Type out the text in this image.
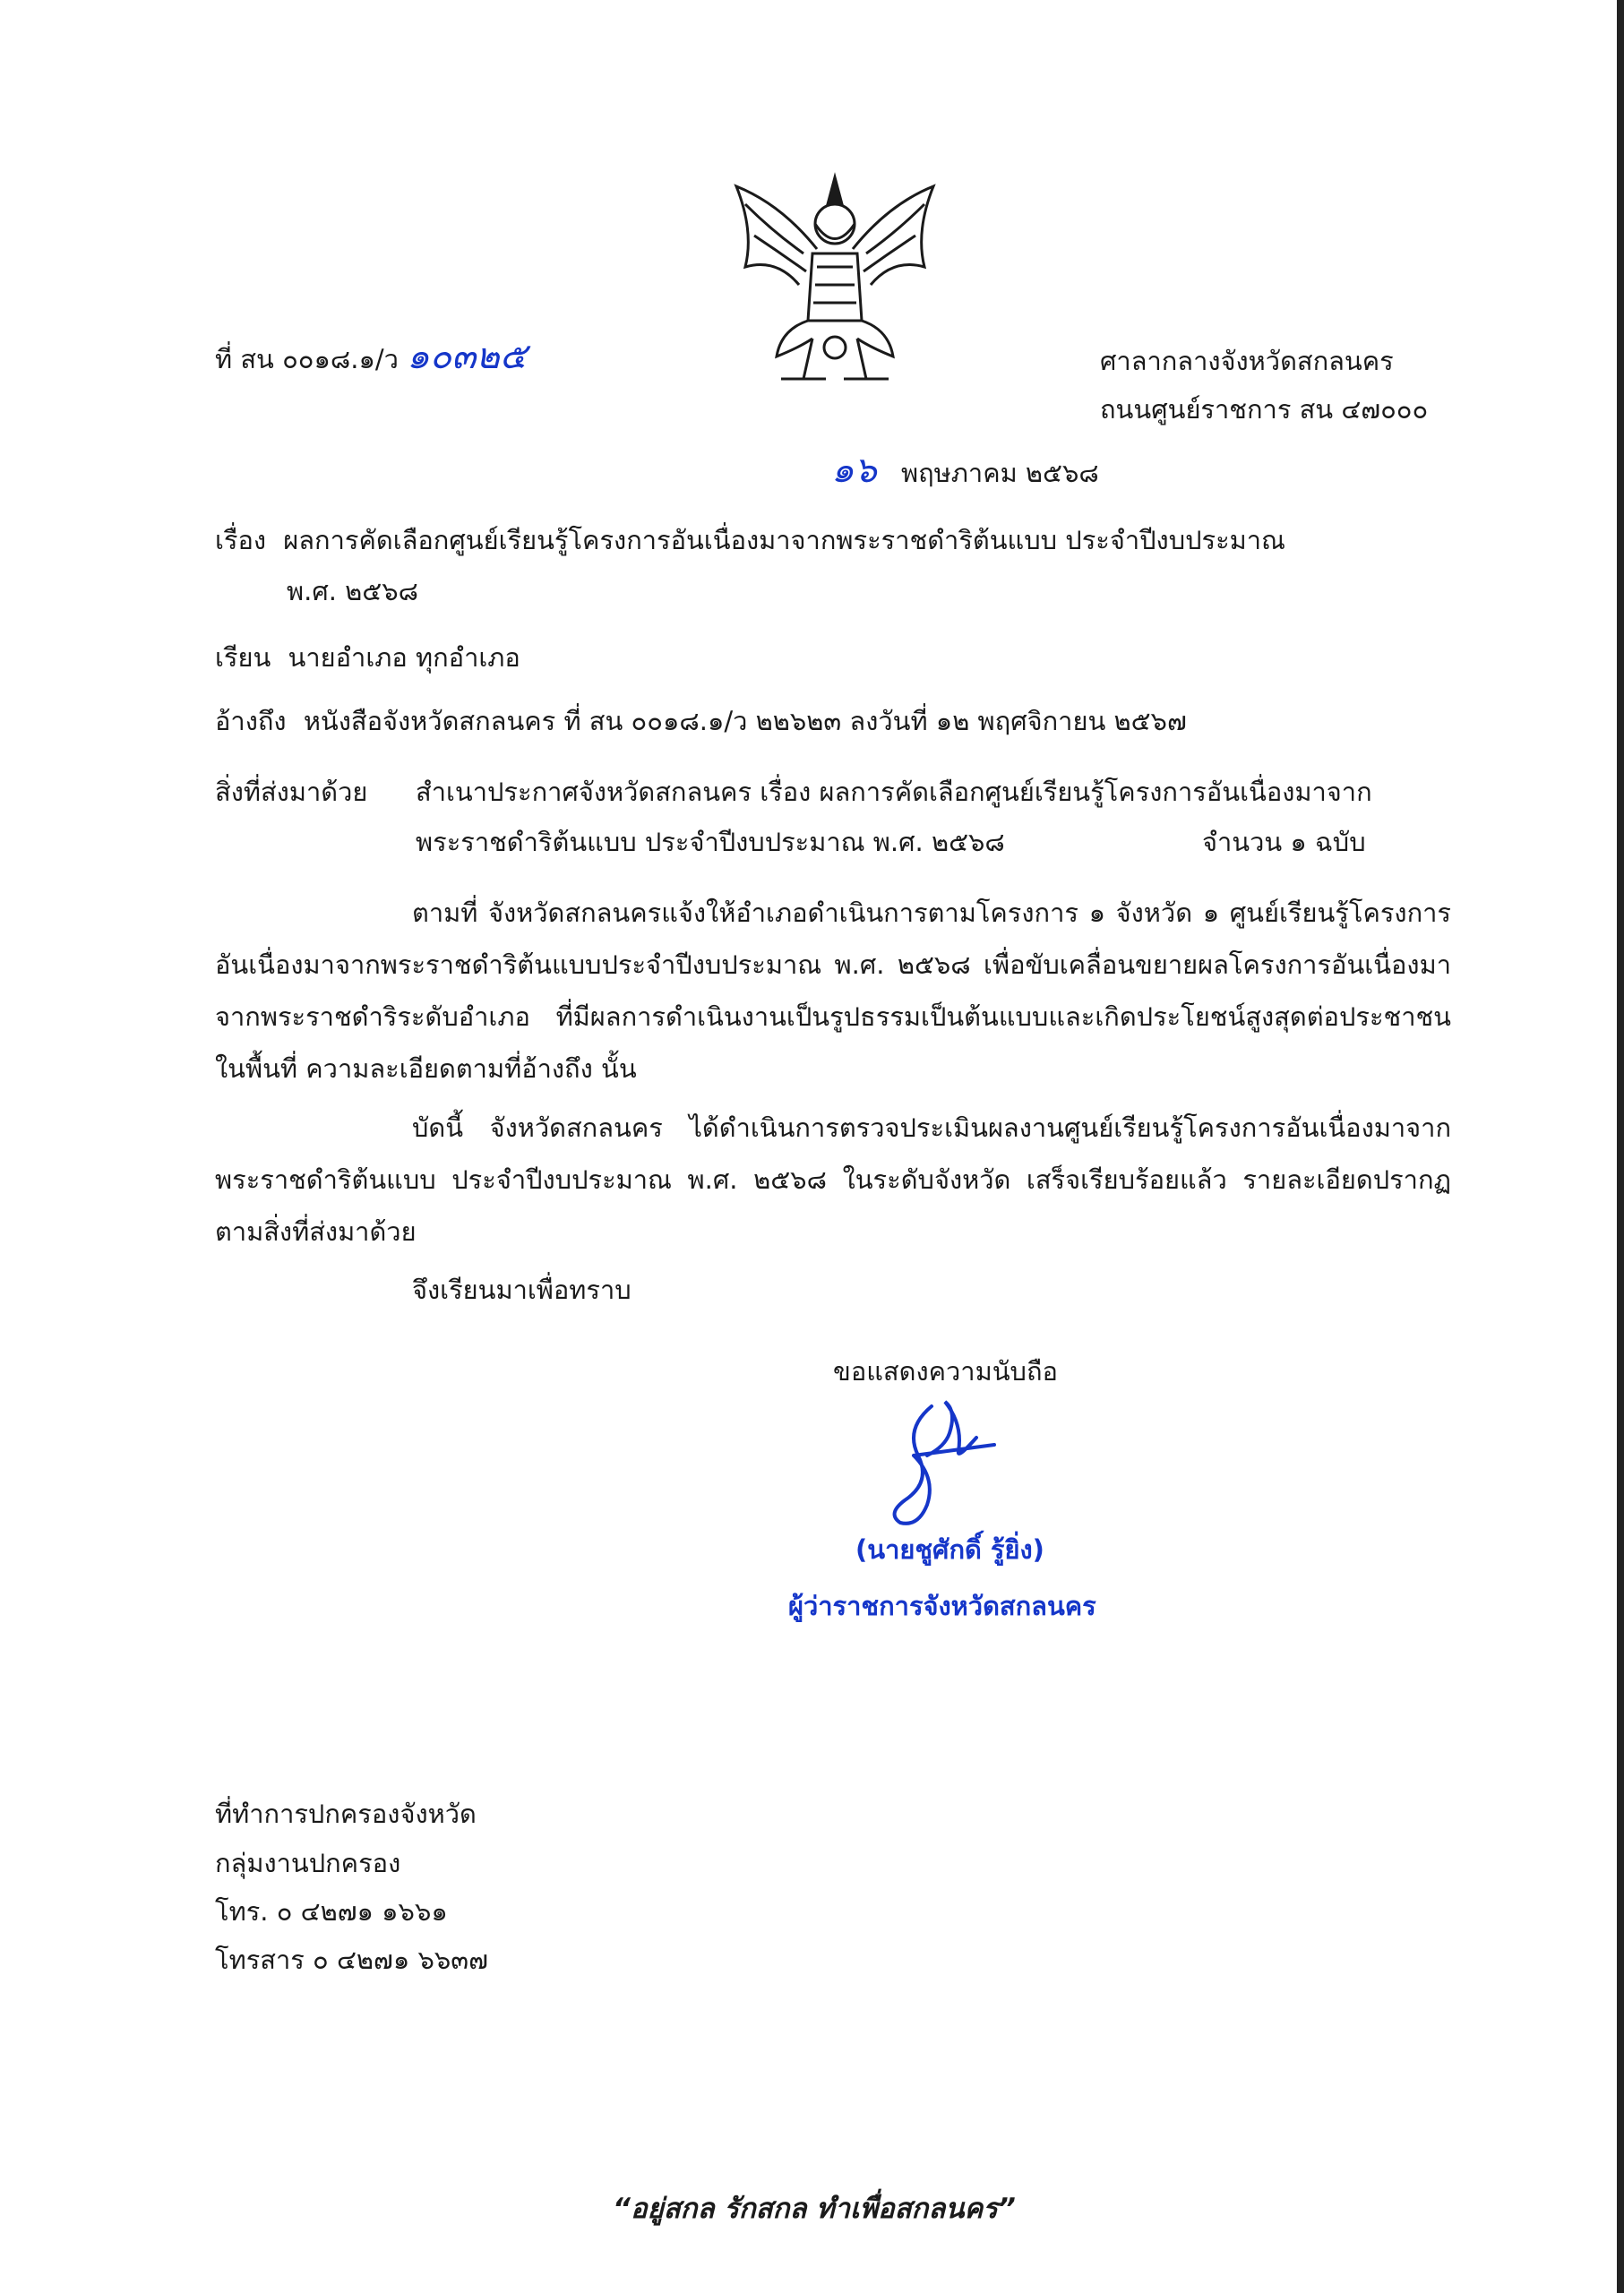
ที่ สน ๐๐๑๘.๑/ว ๑๐๓๒๕	ศาลากลางจังหวัดสกลนคร
ถนนศูนย์ราชการ สน ๔๗๐๐๐
๑๖ พฤษภาคม ๒๕๖๘
เรื่อง ผลการคัดเลือกศูนย์เรียนรู้โครงการอันเนื่องมาจากพระราชดำริต้นแบบ ประจำปีงบประมาณ
พ.ศ. ๒๕๖๘
เรียน นายอำเภอ ทุกอำเภอ
อ้างถึง หนังสือจังหวัดสกลนคร ที่ สน ๐๐๑๘.๑/ว ๒๒๖๒๓ ลงวันที่ ๑๒ พฤศจิกายน ๒๕๖๗
สิ่งที่ส่งมาด้วย สำเนาประกาศจังหวัดสกลนคร เรื่อง ผลการคัดเลือกศูนย์เรียนรู้โครงการอันเนื่องมาจาก
พระราชดำริต้นแบบ ประจำปีงบประมาณ พ.ศ. ๒๕๖๘	จำนวน ๑ ฉบับ
ตามที่ จังหวัดสกลนครแจ้งให้อำเภอดำเนินการตามโครงการ ๑ จังหวัด ๑ ศูนย์เรียนรู้โครงการอันเนื่องมาจากพระราชดำริต้นแบบประจำปีงบประมาณ พ.ศ. ๒๕๖๘ เพื่อขับเคลื่อนขยายผลโครงการอันเนื่องมาจากพระราชดำริระดับอำเภอ ที่มีผลการดำเนินงานเป็นรูปธรรมเป็นต้นแบบและเกิดประโยชน์สูงสุดต่อประชาชนในพื้นที่ ความละเอียดตามที่อ้างถึง นั้น
บัดนี้ จังหวัดสกลนคร ได้ดำเนินการตรวจประเมินผลงานศูนย์เรียนรู้โครงการอันเนื่องมาจากพระราชดำริต้นแบบ ประจำปีงบประมาณ พ.ศ. ๒๕๖๘ ในระดับจังหวัด เสร็จเรียบร้อยแล้ว รายละเอียดปรากฏตามสิ่งที่ส่งมาด้วย
จึงเรียนมาเพื่อทราบ
ขอแสดงความนับถือ
(นายชูศักดิ์ รู้ยิ่ง)
ผู้ว่าราชการจังหวัดสกลนคร
ที่ทำการปกครองจังหวัด
กลุ่มงานปกครอง
โทร. ๐ ๔๒๗๑ ๑๖๖๑
โทรสาร ๐ ๔๒๗๑ ๖๖๓๗
“อยู่สกล รักสกล ทำเพื่อสกลนคร”
